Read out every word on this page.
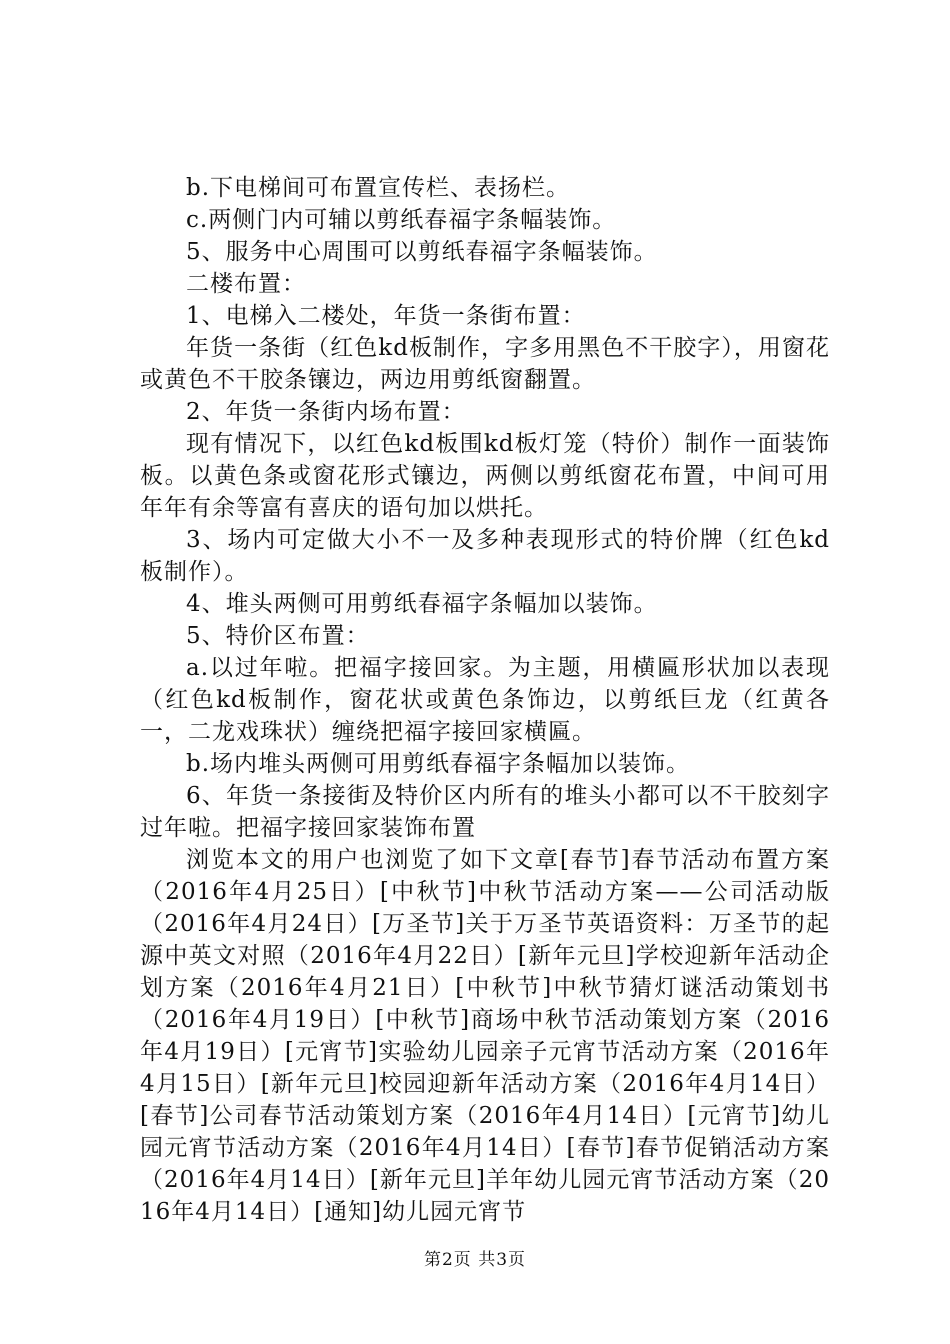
b.下电梯间可布置宣传栏、表扬栏。

c.两侧门内可辅以剪纸春福字条幅装饰。

5、服务中心周围可以剪纸春福字条幅装饰。

二楼布置：

1、电梯入二楼处，年货一条街布置：

年货一条街（红色kd板制作，字多用黑色不干胶字），用窗花或黄色不干胶条镶边，两边用剪纸窗翻置。

2、年货一条街内场布置：

现有情况下，以红色kd板围kd板灯笼（特价）制作一面装饰板。以黄色条或窗花形式镶边，两侧以剪纸窗花布置，中间可用年年有余等富有喜庆的语句加以烘托。

3、场内可定做大小不一及多种表现形式的特价牌（红色kd板制作）。

4、堆头两侧可用剪纸春福字条幅加以装饰。

5、特价区布置：

a.以过年啦。把福字接回家。为主题，用横匾形状加以表现（红色kd板制作，窗花状或黄色条饰边，以剪纸巨龙（红黄各一，二龙戏珠状）缠绕把福字接回家横匾。

b.场内堆头两侧可用剪纸春福字条幅加以装饰。

6、年货一条接街及特价区内所有的堆头小都可以不干胶刻字过年啦。把福字接回家装饰布置

浏览本文的用户也浏览了如下文章[春节]春节活动布置方案（2016年4月25日）[中秋节]中秋节活动方案——公司活动版（2016年4月24日）[万圣节]关于万圣节英语资料：万圣节的起源中英文对照（2016年4月22日）[新年元旦]学校迎新年活动企划方案（2016年4月21日）[中秋节]中秋节猜灯谜活动策划书（2016年4月19日）[中秋节]商场中秋节活动策划方案（2016年4月19日）[元宵节]实验幼儿园亲子元宵节活动方案（2016年4月15日）[新年元旦]校园迎新年活动方案（2016年4月14日）[春节]公司春节活动策划方案（2016年4月14日）[元宵节]幼儿园元宵节活动方案（2016年4月14日）[春节]春节促销活动方案（2016年4月14日）[新年元旦]羊年幼儿园元宵节活动方案（2016年4月14日）[通知]幼儿园元宵节

第2页 共3页
